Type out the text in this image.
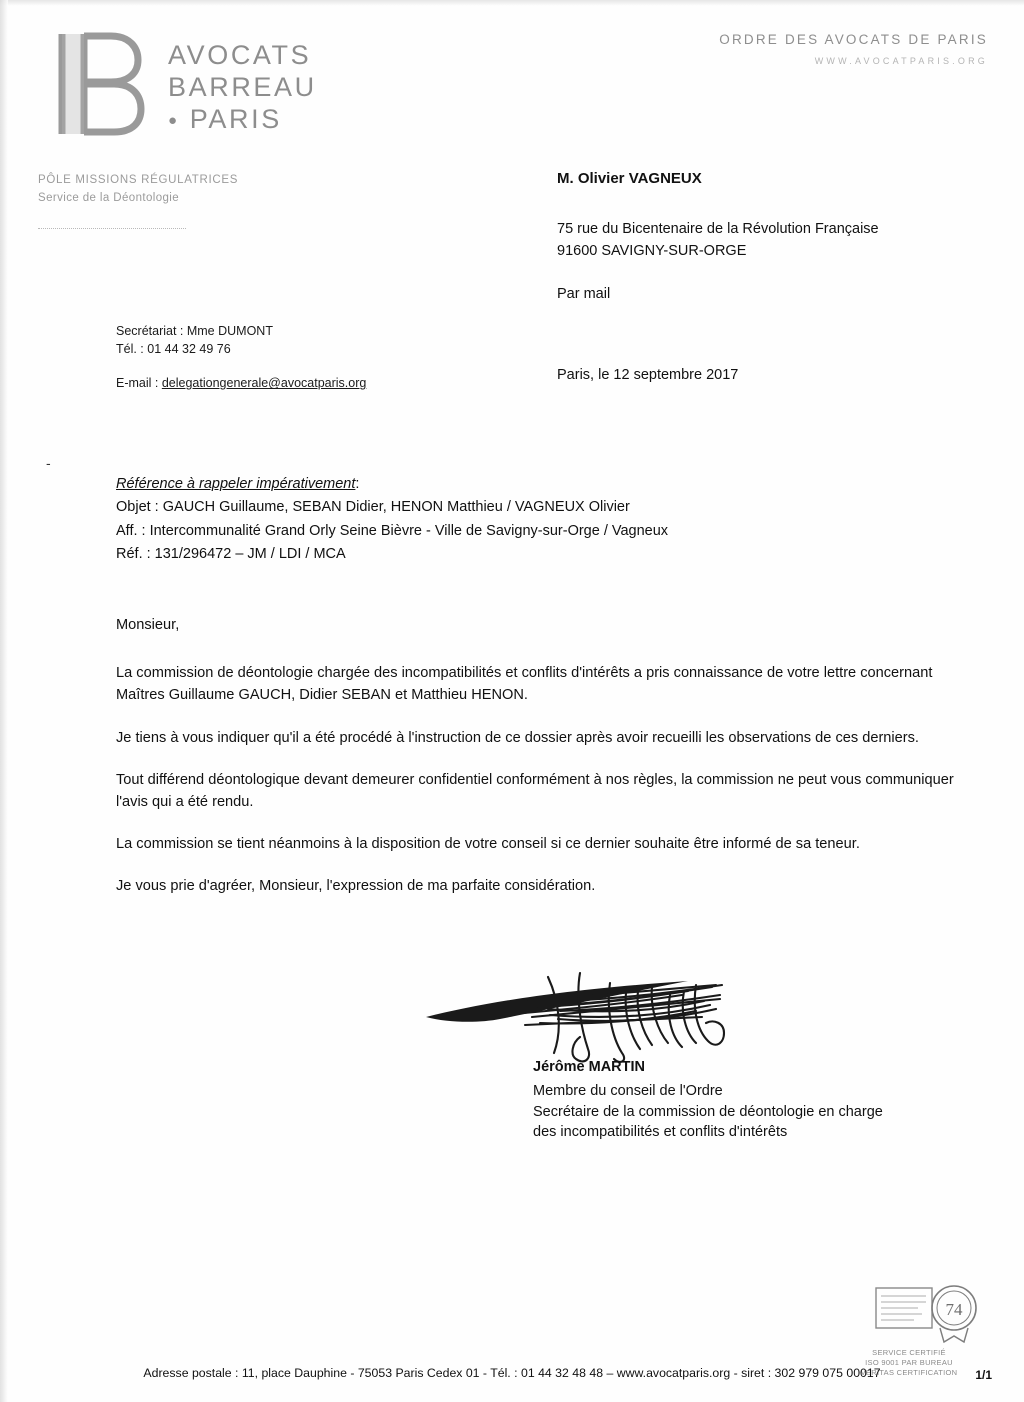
AVOCATS
BARREAU
● PARIS
ORDRE DES AVOCATS DE PARIS
WWW.AVOCATPARIS.ORG
PÔLE MISSIONS RÉGULATRICES
Service de la Déontologie
Secrétariat : Mme DUMONT
Tél. : 01 44 32 49 76
E-mail : delegationgenerale@avocatparis.org
M. Olivier VAGNEUX
75 rue du Bicentenaire de la Révolution Française
91600 SAVIGNY-SUR-ORGE
Par mail
Paris, le 12 septembre 2017
-
Référence à rappeler impérativement:
Objet : GAUCH Guillaume, SEBAN Didier, HENON Matthieu / VAGNEUX Olivier
Aff. : Intercommunalité Grand Orly Seine Bièvre - Ville de Savigny-sur-Orge / Vagneux
Réf. : 131/296472 – JM / LDI / MCA

Monsieur,

La commission de déontologie chargée des incompatibilités et conflits d'intérêts a pris connaissance de votre lettre concernant Maîtres Guillaume GAUCH, Didier SEBAN et Matthieu HENON.

Je tiens à vous indiquer qu'il a été procédé à l'instruction de ce dossier après avoir recueilli les observations de ces derniers.

Tout différend déontologique devant demeurer confidentiel conformément à nos règles, la commission ne peut vous communiquer l'avis qui a été rendu.

La commission se tient néanmoins à la disposition de votre conseil si ce dernier souhaite être informé de sa teneur.

Je vous prie d'agréer, Monsieur, l'expression de ma parfaite considération.

Jérôme MARTIN
Membre du conseil de l'Ordre
Secrétaire de la commission de déontologie en charge
des incompatibilités et conflits d'intérêts
74
SERVICE CERTIFIÉ
ISO 9001 PAR BUREAU
VERITAS CERTIFICATION
Adresse postale : 11, place Dauphine - 75053 Paris Cedex 01 - Tél. : 01 44 32 48 48 – www.avocatparis.org - siret : 302 979 075 00017	1/1
